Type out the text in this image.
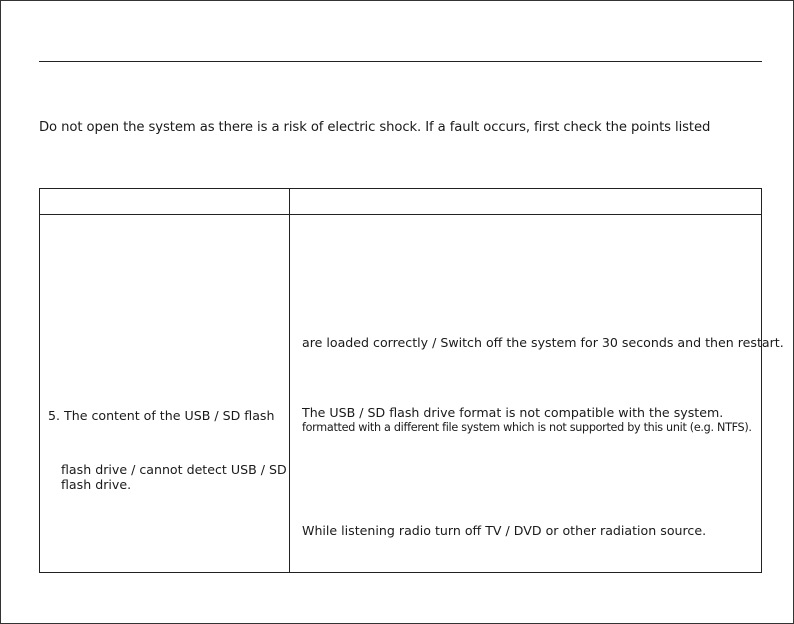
Do not open the system as there is a risk of electric shock. If a fault occurs, first check the points listed
are loaded correctly / Switch off the system for 30 seconds and then restart.
5. The content of the USB / SD flash The USB / SD flash drive format is not compatible with the system.
formatted with a different file system which is not supported by this unit (e.g. NTFS).
flash drive / cannot detect USB / SD
flash drive.
While listening radio turn off TV / DVD or other radiation source.
